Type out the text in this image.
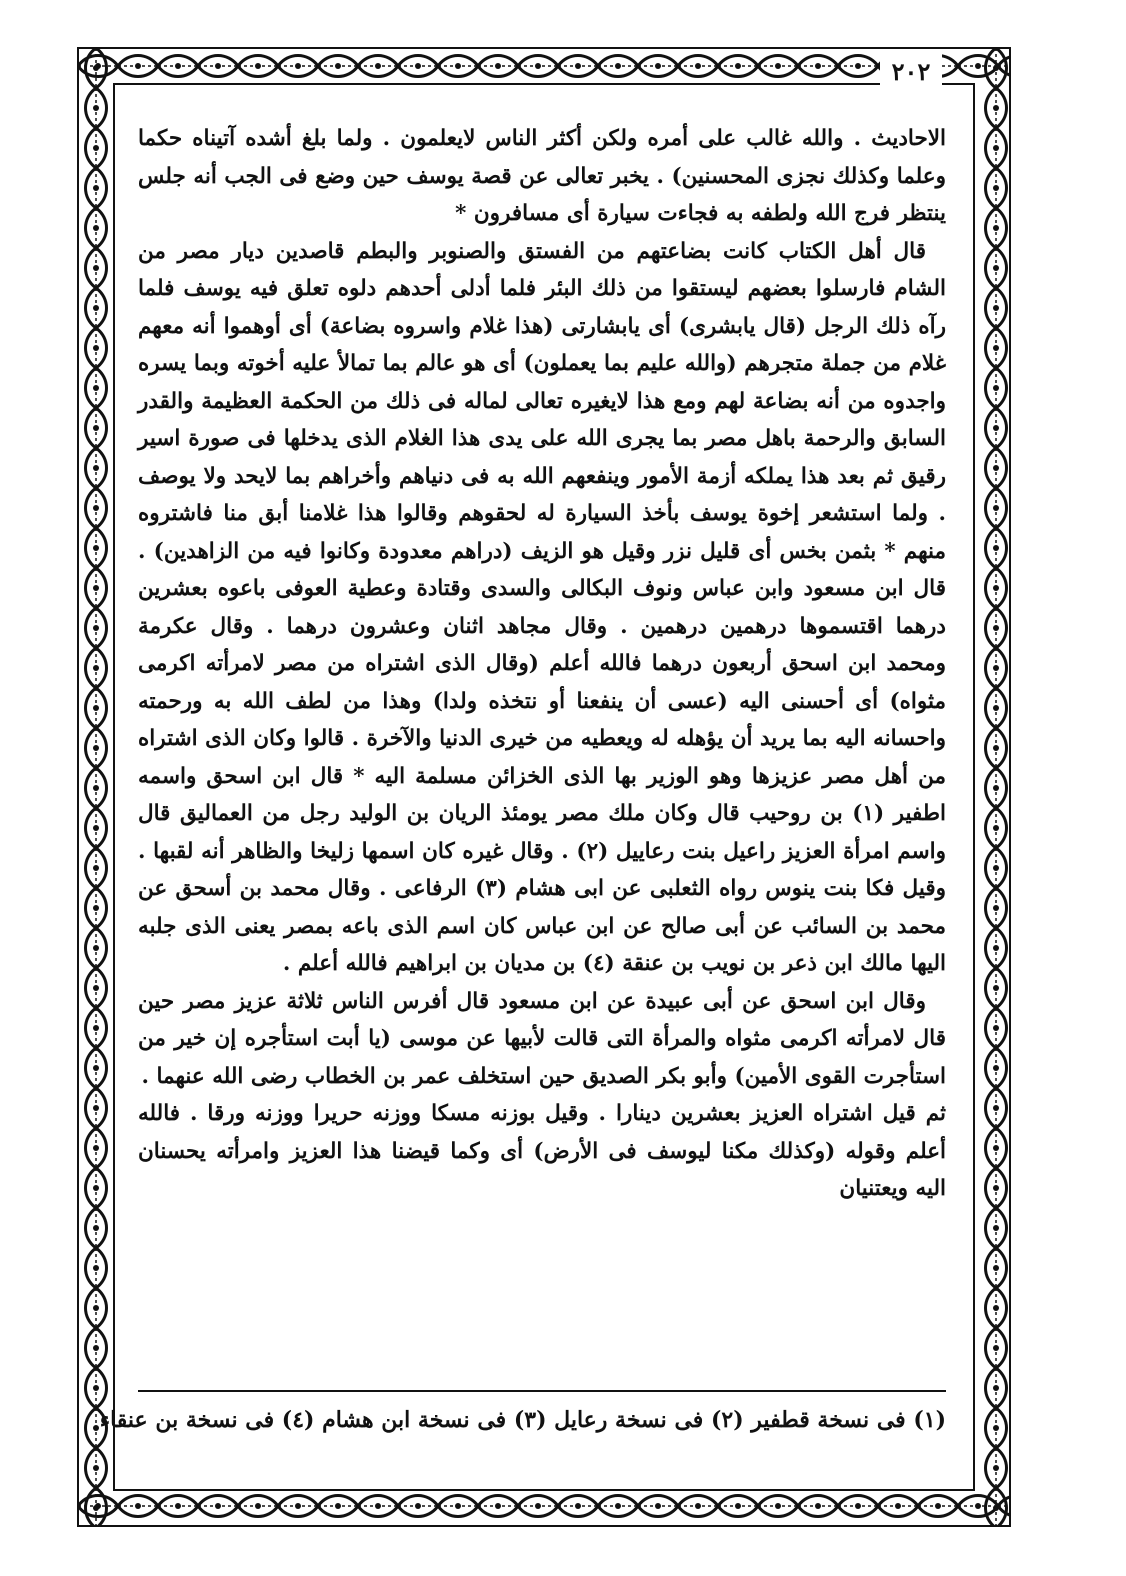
٢٠٢

الاحاديث . والله غالب على أمره ولكن أكثر الناس لايعلمون . ولما بلغ أشده آتيناه حكما وعلما وكذلك نجزى المحسنين) . يخبر تعالى عن قصة يوسف حين وضع فى الجب أنه جلس ينتظر فرج الله ولطفه به فجاءت سيارة أى مسافرون *

قال أهل الكتاب كانت بضاعتهم من الفستق والصنوبر والبطم قاصدين ديار مصر من الشام فارسلوا بعضهم ليستقوا من ذلك البئر فلما أدلى أحدهم دلوه تعلق فيه يوسف فلما رآه ذلك الرجل (قال يابشرى) أى يابشارتى (هذا غلام واسروه بضاعة) أى أوهموا أنه معهم غلام من جملة متجرهم (والله عليم بما يعملون) أى هو عالم بما تمالأ عليه أخوته وبما يسره واجدوه من أنه بضاعة لهم ومع هذا لايغيره تعالى لماله فى ذلك من الحكمة العظيمة والقدر السابق والرحمة باهل مصر بما يجرى الله على يدى هذا الغلام الذى يدخلها فى صورة اسير رقيق ثم بعد هذا يملكه أزمة الأمور وينفعهم الله به فى دنياهم وأخراهم بما لايحد ولا يوصف . ولما استشعر إخوة يوسف بأخذ السيارة له لحقوهم وقالوا هذا غلامنا أبق منا فاشتروه منهم * بثمن بخس أى قليل نزر وقيل هو الزيف (دراهم معدودة وكانوا فيه من الزاهدين) . قال ابن مسعود وابن عباس ونوف البكالى والسدى وقتادة وعطية العوفى باعوه بعشرين درهما اقتسموها درهمين درهمين . وقال مجاهد اثنان وعشرون درهما . وقال عكرمة ومحمد ابن اسحق أربعون درهما فالله أعلم (وقال الذى اشتراه من مصر لامرأته اكرمى مثواه) أى أحسنى اليه (عسى أن ينفعنا أو نتخذه ولدا) وهذا من لطف الله به ورحمته واحسانه اليه بما يريد أن يؤهله له ويعطيه من خيرى الدنيا والآخرة . قالوا وكان الذى اشتراه من أهل مصر عزيزها وهو الوزير بها الذى الخزائن مسلمة اليه * قال ابن اسحق واسمه اطفير (١) بن روحيب قال وكان ملك مصر يومئذ الريان بن الوليد رجل من العماليق قال واسم امرأة العزيز راعيل بنت رعاييل (٢) . وقال غيره كان اسمها زليخا والظاهر أنه لقبها . وقيل فكا بنت ينوس رواه الثعلبى عن ابى هشام (٣) الرفاعى . وقال محمد بن أسحق عن محمد بن السائب عن أبى صالح عن ابن عباس كان اسم الذى باعه بمصر يعنى الذى جلبه اليها مالك ابن ذعر بن نويب بن عنقة (٤) بن مديان بن ابراهيم فالله أعلم .

وقال ابن اسحق عن أبى عبيدة عن ابن مسعود قال أفرس الناس ثلاثة عزيز مصر حين قال لامرأته اكرمى مثواه والمرأة التى قالت لأبيها عن موسى (يا أبت استأجره إن خير من استأجرت القوى الأمين) وأبو بكر الصديق حين استخلف عمر بن الخطاب رضى الله عنهما .

ثم قيل اشتراه العزيز بعشرين دينارا . وقيل بوزنه مسكا ووزنه حريرا ووزنه ورقا . فالله أعلم وقوله (وكذلك مكنا ليوسف فى الأرض) أى وكما قيضنا هذا العزيز وامرأته يحسنان اليه ويعتنيان

(١) فى نسخة قطفير (٢) فى نسخة رعايل (٣) فى نسخة ابن هشام (٤) فى نسخة بن عنقاء
